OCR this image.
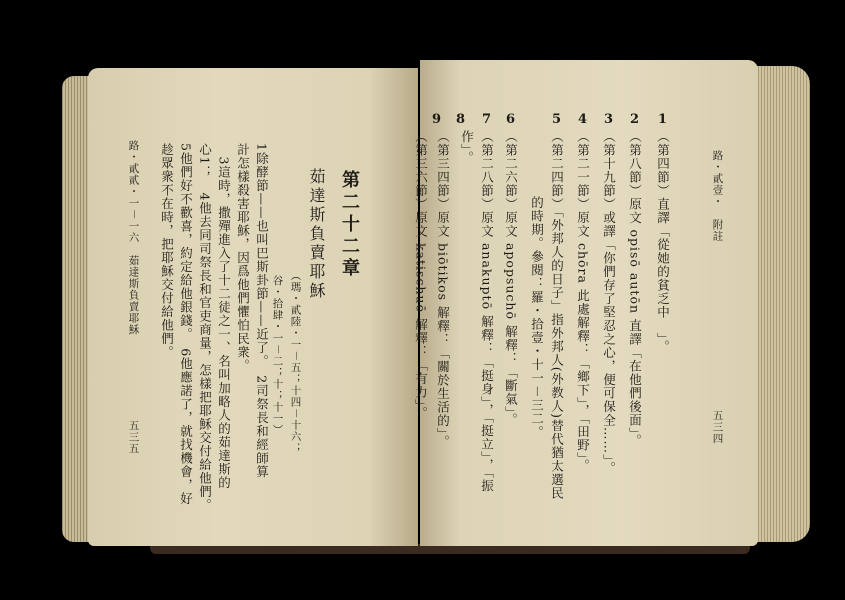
第二十二章
茹達斯負賣耶穌
（瑪・貳陸・一－五；十四－十六；
谷・拾肆・一－二；十；十一）
1除酵節——也叫巴斯卦節——近了。　2司祭長和經師算
計怎樣殺害耶穌，因爲他們懼怕民衆。
　3這時，撒殫進入了十二徒之一、名叫加略人的茹達斯的
心1；　4他去同司祭長和官吏商量，怎樣把耶穌交付給他們。
5他們好不歡喜，約定給他銀錢。　6他應諾了，就找機會，好
趁眾衆不在時，把耶穌交付給他們。
路・貳貳・一－一六　茹達斯負賣耶穌
五三五
路・貳壹・　附註
五三四
1
（第四節）直譯「從她的貧乏中　」。
2
（第八節）原文 opisō autōn 直譯「在他們後面」。
3
（第十九節）或譯「你們存了堅忍之心，便可保全……」。
4
（第二一節）原文 chōra 此處解釋：「鄉下」，「田野」。
5
（第二四節）「外邦人的日子」指外邦人(外教人)替代猶太選民
的時期。參閱：羅・拾壹・十一－三二。
6
（第二六節）原文 apopsuchō 解釋：「斷氣」。
7
（第二八節）原文 anakuptō 解釋：「挺身」，「挺立」，「振
作」。
8
（第三四節）原文 biōtikos 解釋：「關於生活的」。
9
（第三六節）原文 katischuō 解釋：「有力」。
